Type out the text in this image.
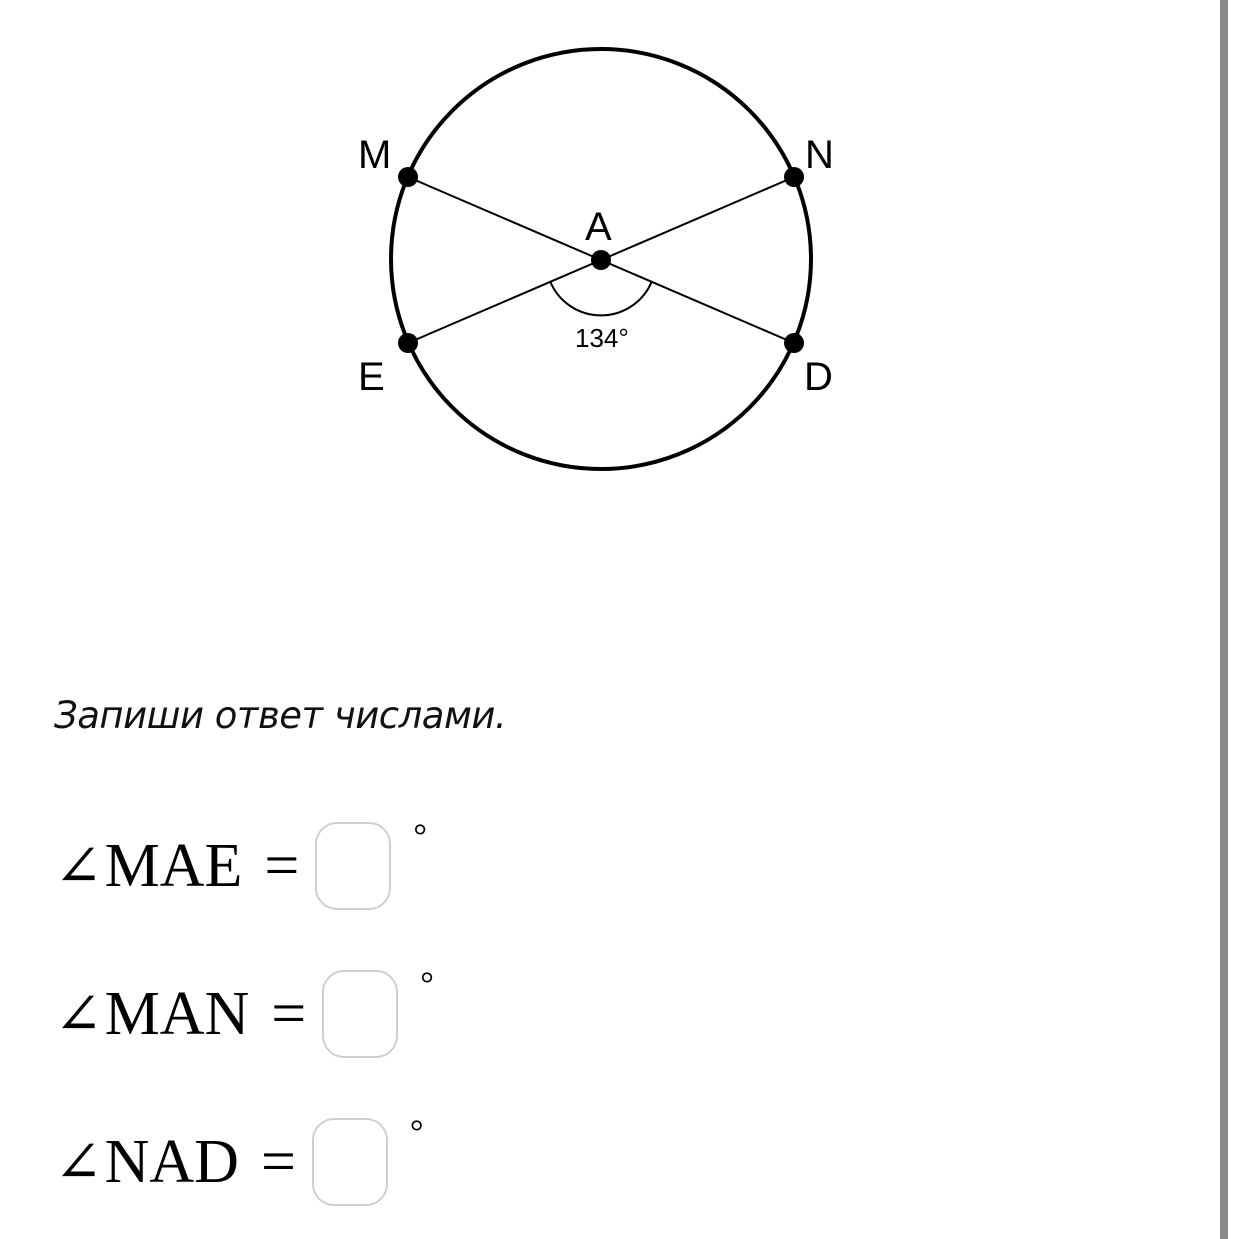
M	N
A
E	D
134°
Запиши ответ числами.
∠ MAE =	°
∠ MAN =	°
∠ NAD =	°
